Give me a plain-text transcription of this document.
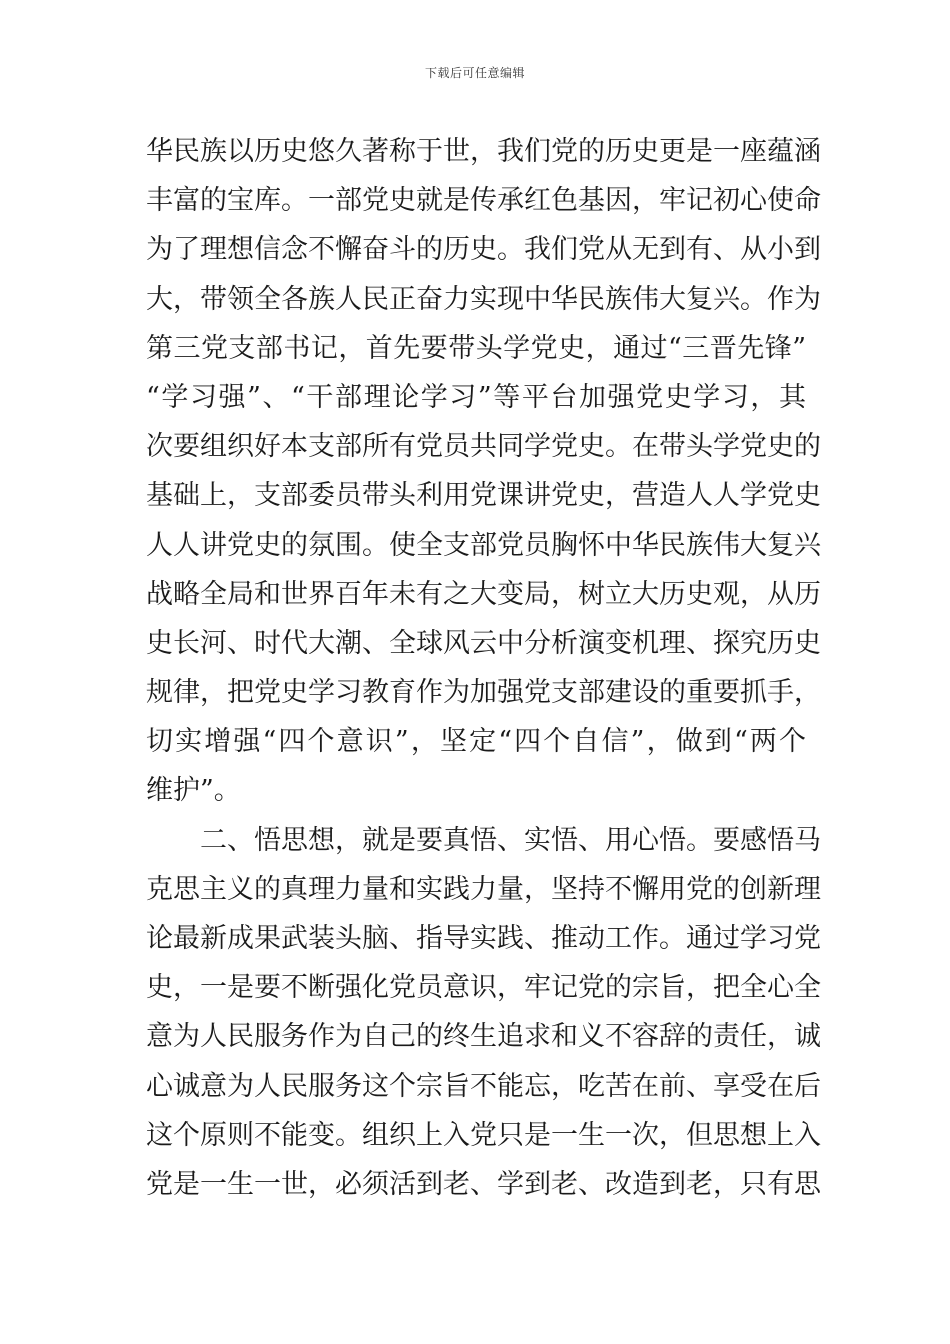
下载后可任意编辑
华民族以历史悠久著称于世，我们党的历史更是一座蕴涵
丰富的宝库。一部党史就是传承红色基因，牢记初心使命
为了理想信念不懈奋斗的历史。我们党从无到有、从小到
大，带领全各族人民正奋力实现中华民族伟大复兴。作为
第三党支部书记，首先要带头学党史，通过“三晋先锋”
“学习强”、“干部理论学习”等平台加强党史学习，其
次要组织好本支部所有党员共同学党史。在带头学党史的
基础上，支部委员带头利用党课讲党史，营造人人学党史
人人讲党史的氛围。使全支部党员胸怀中华民族伟大复兴
战略全局和世界百年未有之大变局，树立大历史观，从历
史长河、时代大潮、全球风云中分析演变机理、探究历史
规律，把党史学习教育作为加强党支部建设的重要抓手，
切实增强“四个意识”，坚定“四个自信”，做到“两个
维护”。
二、悟思想，就是要真悟、实悟、用心悟。要感悟马
克思主义的真理力量和实践力量，坚持不懈用党的创新理
论最新成果武装头脑、指导实践、推动工作。通过学习党
史，一是要不断强化党员意识，牢记党的宗旨，把全心全
意为人民服务作为自己的终生追求和义不容辞的责任，诚
心诚意为人民服务这个宗旨不能忘，吃苦在前、享受在后
这个原则不能变。组织上入党只是一生一次，但思想上入
党是一生一世，必须活到老、学到老、改造到老，只有思
